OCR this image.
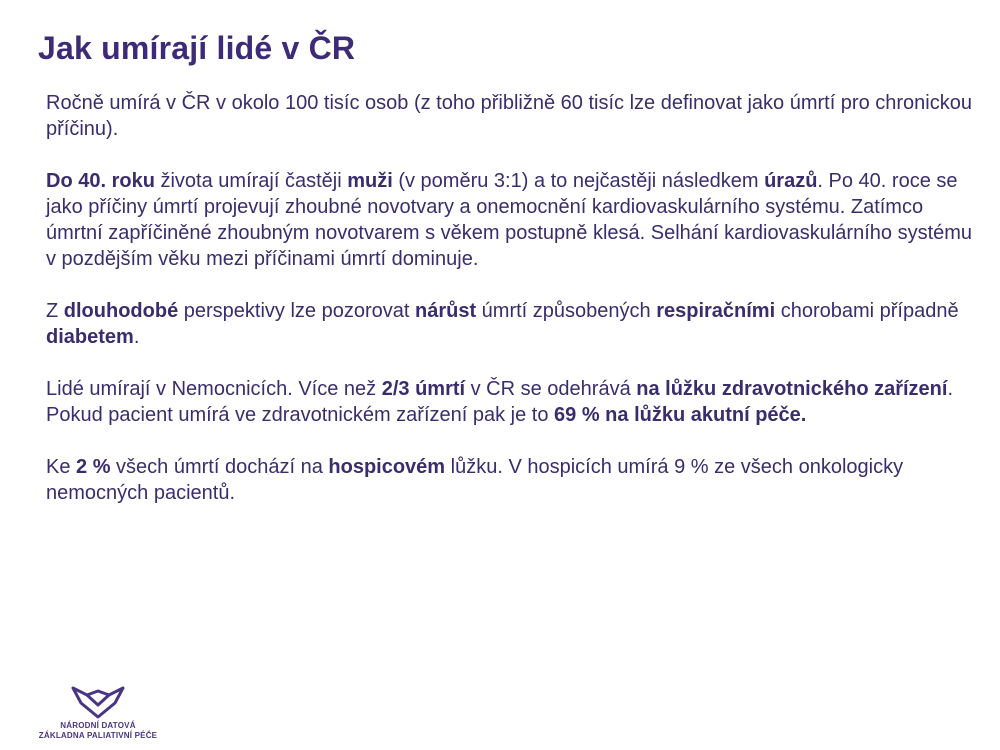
Jak umírají lidé v ČR

Ročně umírá v ČR v okolo 100 tisíc osob (z toho přibližně 60 tisíc lze definovat jako úmrtí pro chronickou příčinu).

Do 40. roku života umírají častěji muži (v poměru 3:1) a to nejčastěji následkem úrazů. Po 40. roce se jako příčiny úmrtí projevují zhoubné novotvary a onemocnění kardiovaskulárního systému. Zatímco úmrtní zapříčiněné zhoubným novotvarem s věkem postupně klesá. Selhání kardiovaskulárního systému v pozdějším věku mezi příčinami úmrtí dominuje.

Z dlouhodobé perspektivy lze pozorovat nárůst úmrtí způsobených respiračními chorobami případně diabetem.

Lidé umírají v Nemocnicích. Více než 2/3 úmrtí v ČR se odehrává na lůžku zdravotnického zařízení. Pokud pacient umírá ve zdravotnickém zařízení pak je to 69 % na lůžku akutní péče.

Ke 2 % všech úmrtí dochází na hospicovém lůžku. V hospicích umírá 9 % ze všech onkologicky nemocných pacientů.

NÁRODNÍ DATOVÁ
ZÁKLADNA PALIATIVNÍ PÉČE
